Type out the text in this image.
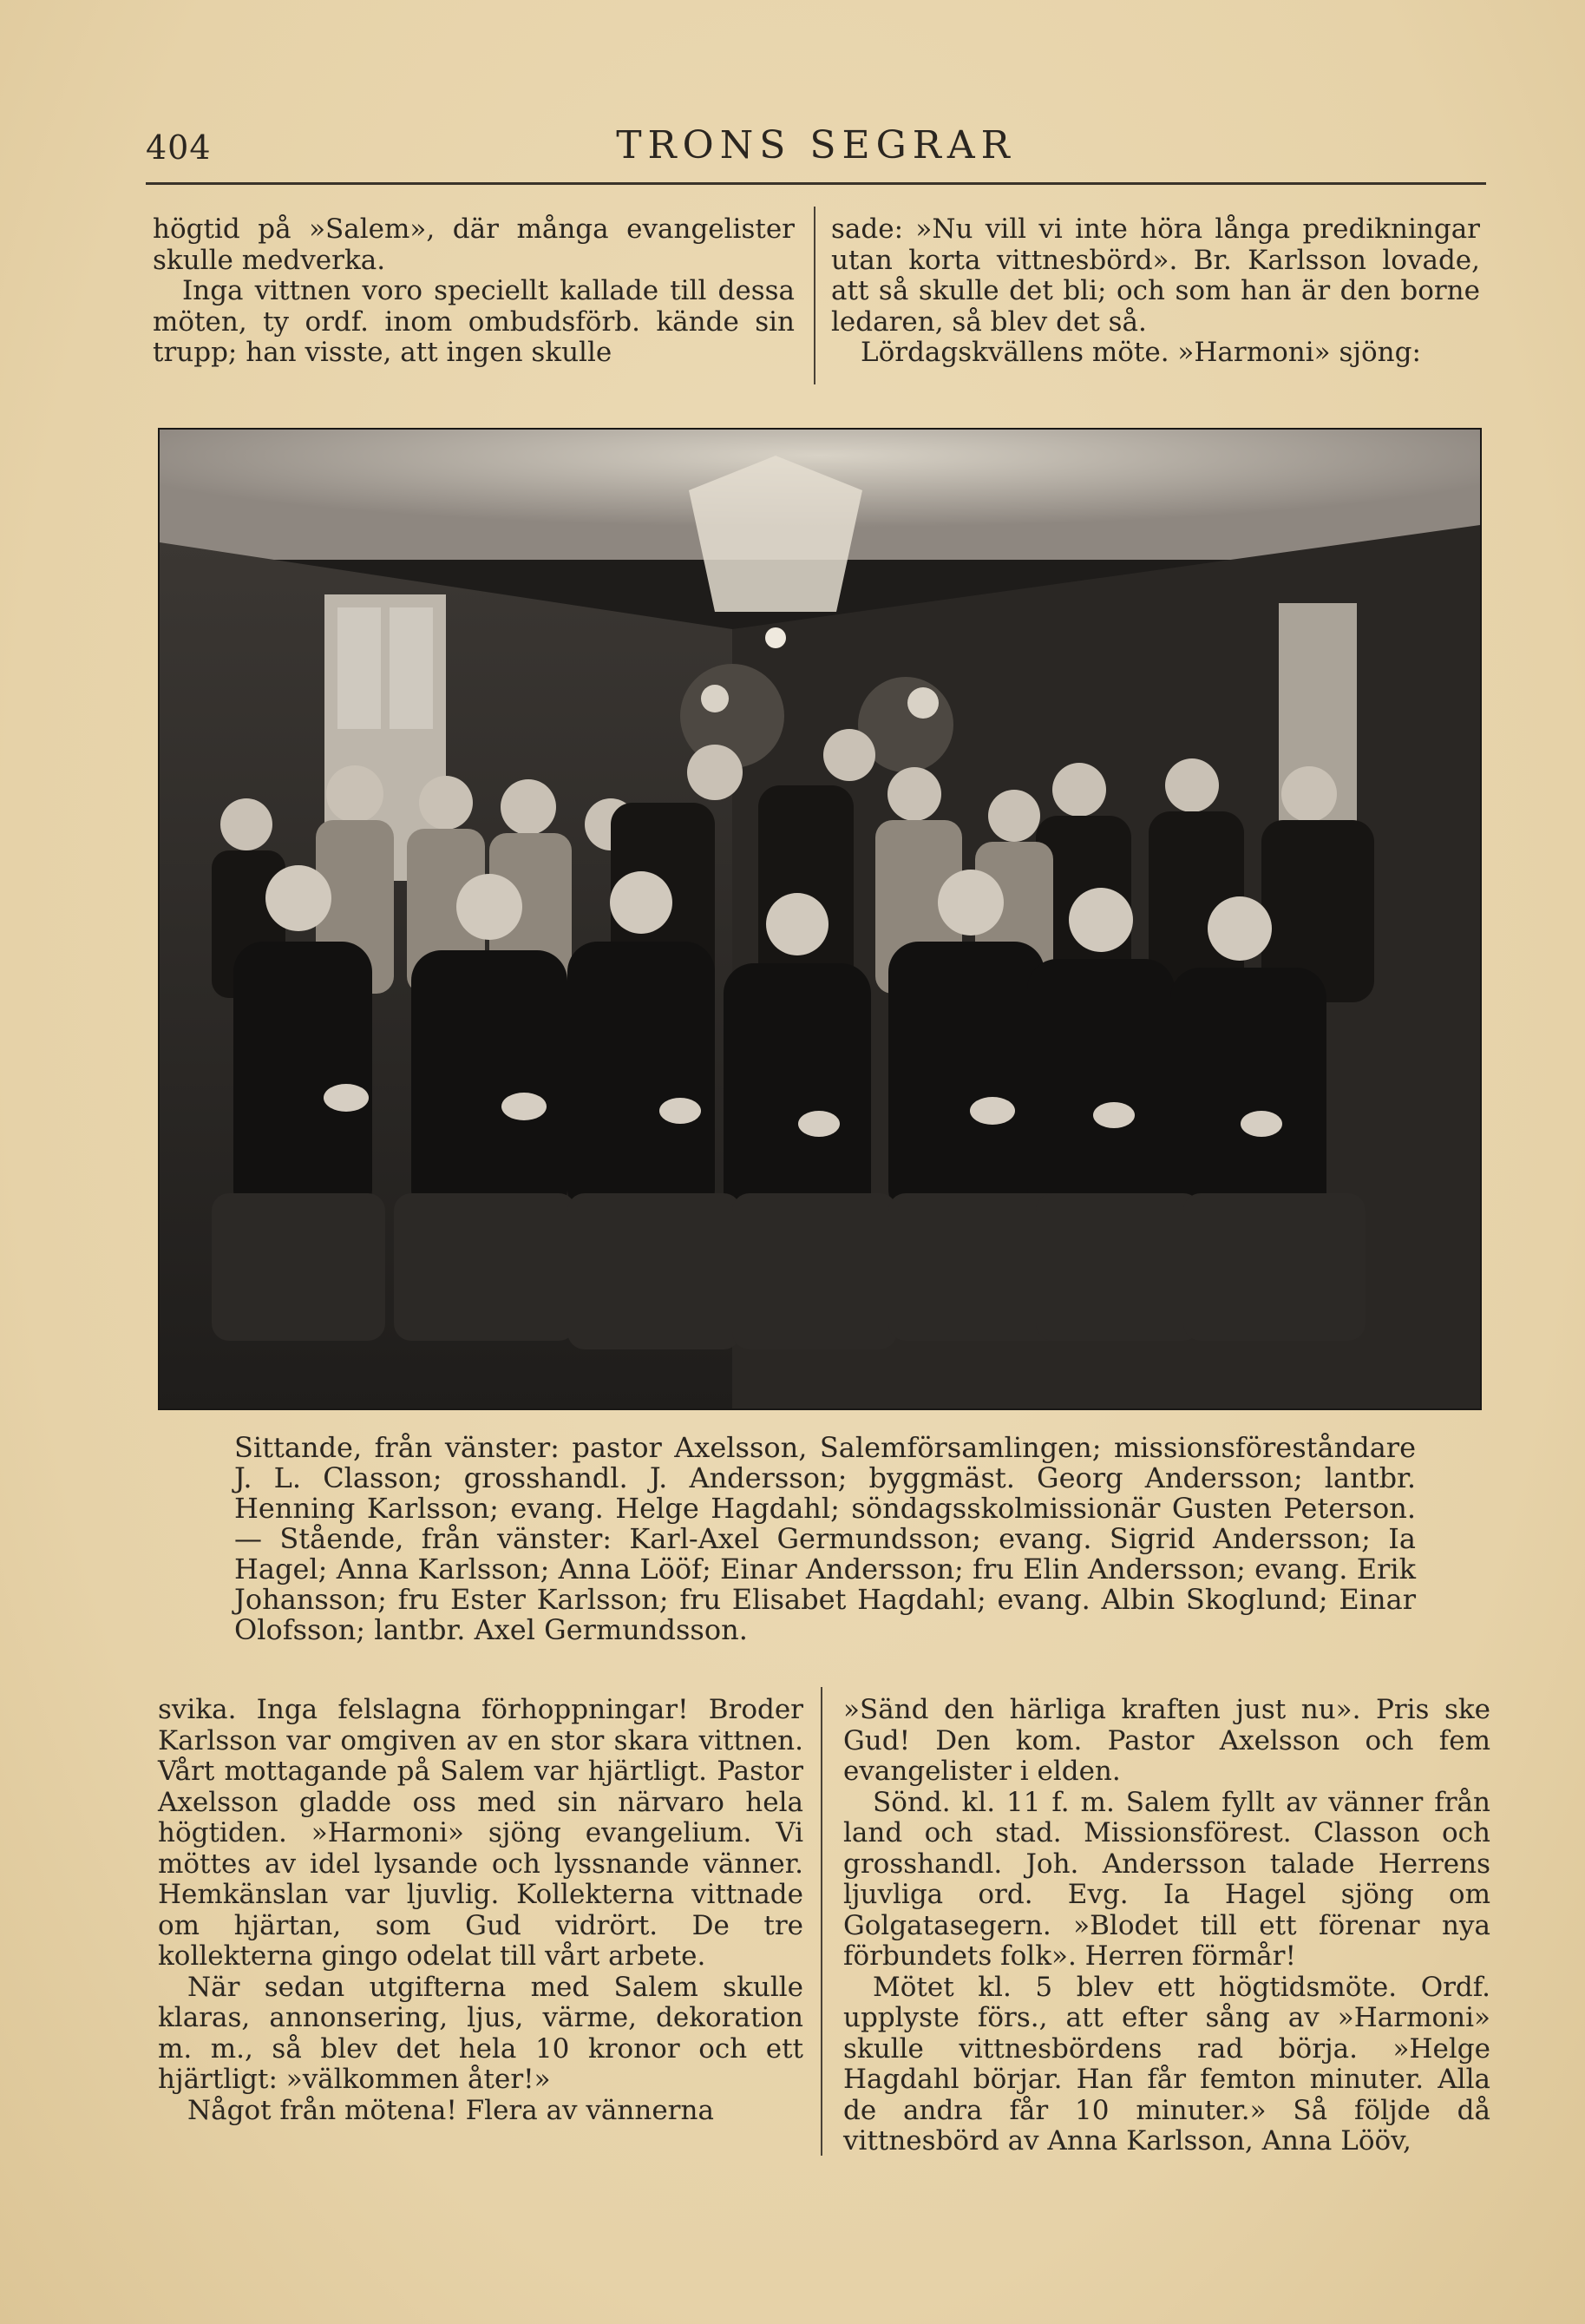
404	TRONS SEGRAR

högtid på »Salem», där många evangelister skulle medverka.

Inga vittnen voro speciellt kallade till dessa möten, ty ordf. inom ombudsförb. kände sin trupp; han visste, att ingen skulle

sade: »Nu vill vi inte höra långa predikningar utan korta vittnesbörd». Br. Karlsson lovade, att så skulle det bli; och som han är den borne ledaren, så blev det så.

Lördagskvällens möte. »Harmoni» sjöng:

Sittande, från vänster: pastor Axelsson, Salemförsamlingen; missionsföreståndare J. L. Classon; grosshandl. J. Andersson; byggmäst. Georg Andersson; lantbr. Henning Karlsson; evang. Helge Hagdahl; söndagsskolmissionär Gusten Peterson. — Stående, från vänster: Karl-Axel Germundsson; evang. Sigrid Andersson; Ia Hagel; Anna Karlsson; Anna Lööf; Einar Andersson; fru Elin Andersson; evang. Erik Johansson; fru Ester Karlsson; fru Elisabet Hagdahl; evang. Albin Skoglund; Einar Olofsson; lantbr. Axel Germundsson.

svika. Inga felslagna förhoppningar! Broder Karlsson var omgiven av en stor skara vittnen. Vårt mottagande på Salem var hjärtligt. Pastor Axelsson gladde oss med sin närvaro hela högtiden. »Harmoni» sjöng evangelium. Vi möttes av idel lysande och lyssnande vänner. Hemkänslan var ljuvlig. Kollekterna vittnade om hjärtan, som Gud vidrört. De tre kollekterna gingo odelat till vårt arbete.

När sedan utgifterna med Salem skulle klaras, annonsering, ljus, värme, dekoration m. m., så blev det hela 10 kronor och ett hjärtligt: »välkommen åter!»

Något från mötena! Flera av vännerna

»Sänd den härliga kraften just nu». Pris ske Gud! Den kom. Pastor Axelsson och fem evangelister i elden.

Sönd. kl. 11 f. m. Salem fyllt av vänner från land och stad. Missionsförest. Classon och grosshandl. Joh. Andersson talade Herrens ljuvliga ord. Evg. Ia Hagel sjöng om Golgatasegern. »Blodet till ett förenar nya förbundets folk». Herren förmår!

Mötet kl. 5 blev ett högtidsmöte. Ordf. upplyste förs., att efter sång av »Harmoni» skulle vittnesbördens rad börja. »Helge Hagdahl börjar. Han får femton minuter. Alla de andra får 10 minuter.» Så följde då vittnesbörd av Anna Karlsson, Anna Lööv,
